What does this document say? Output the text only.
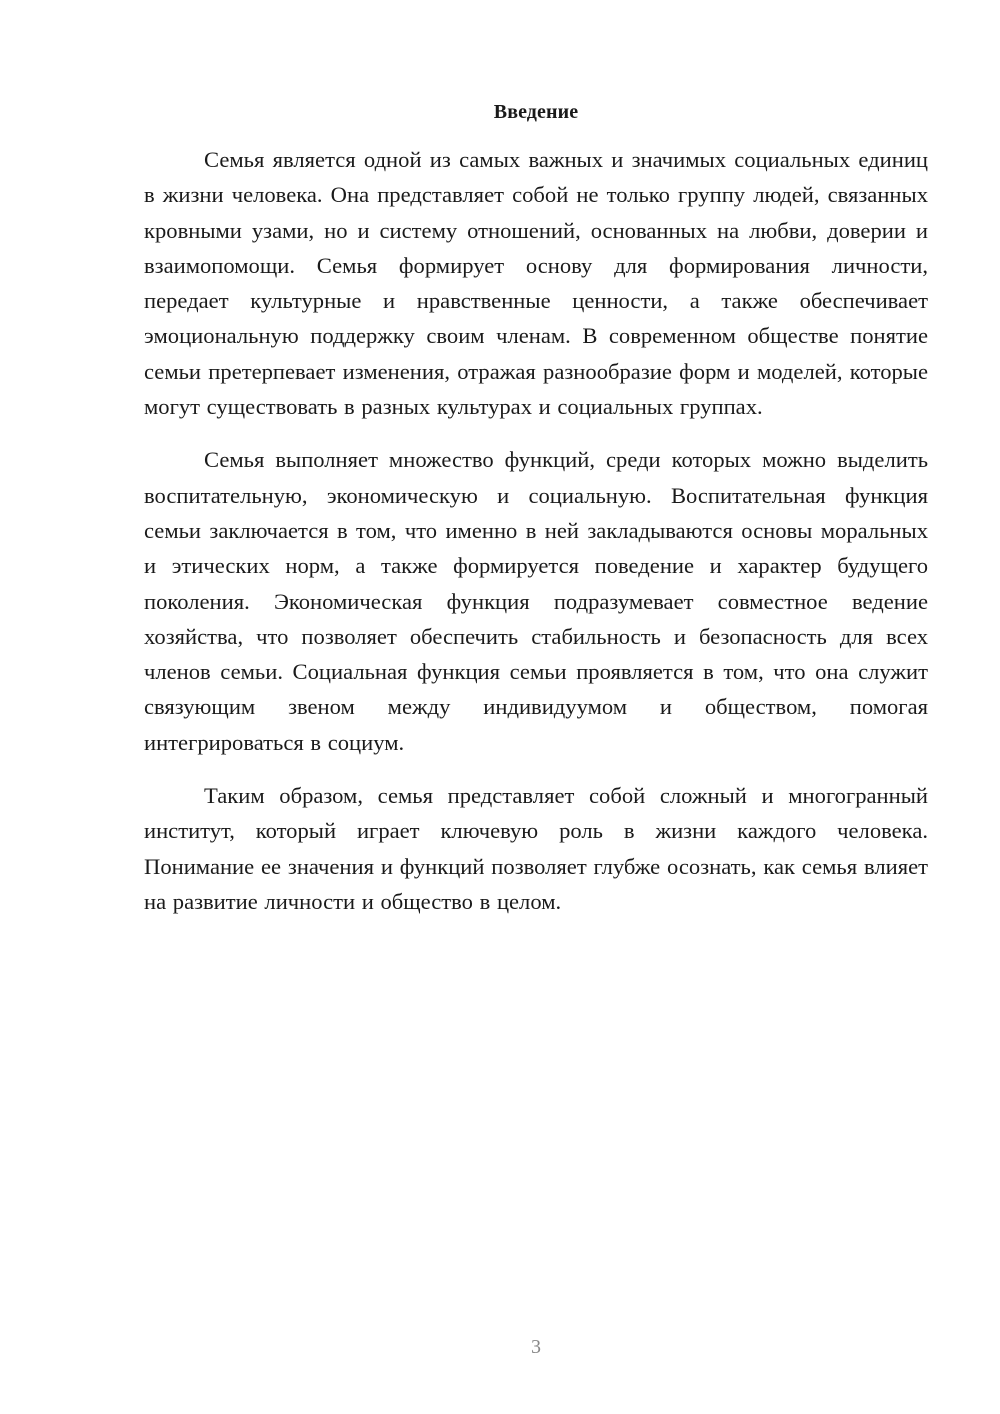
Введение

Семья является одной из самых важных и значимых социальных единиц в жизни человека. Она представляет собой не только группу людей, связанных кровными узами, но и систему отношений, основанных на любви, доверии и взаимопомощи. Семья формирует основу для формирования личности, передает культурные и нравственные ценности, а также обеспечивает эмоциональную поддержку своим членам. В современном обществе понятие семьи претерпевает изменения, отражая разнообразие форм и моделей, которые могут существовать в разных культурах и социальных группах.

Семья выполняет множество функций, среди которых можно выделить воспитательную, экономическую и социальную. Воспитательная функция семьи заключается в том, что именно в ней закладываются основы моральных и этических норм, а также формируется поведение и характер будущего поколения. Экономическая функция подразумевает совместное ведение хозяйства, что позволяет обеспечить стабильность и безопасность для всех членов семьи. Социальная функция семьи проявляется в том, что она служит связующим звеном между индивидуумом и обществом, помогая интегрироваться в социум.

Таким образом, семья представляет собой сложный и многогранный институт, который играет ключевую роль в жизни каждого человека. Понимание ее значения и функций позволяет глубже осознать, как семья влияет на развитие личности и общество в целом.

3
